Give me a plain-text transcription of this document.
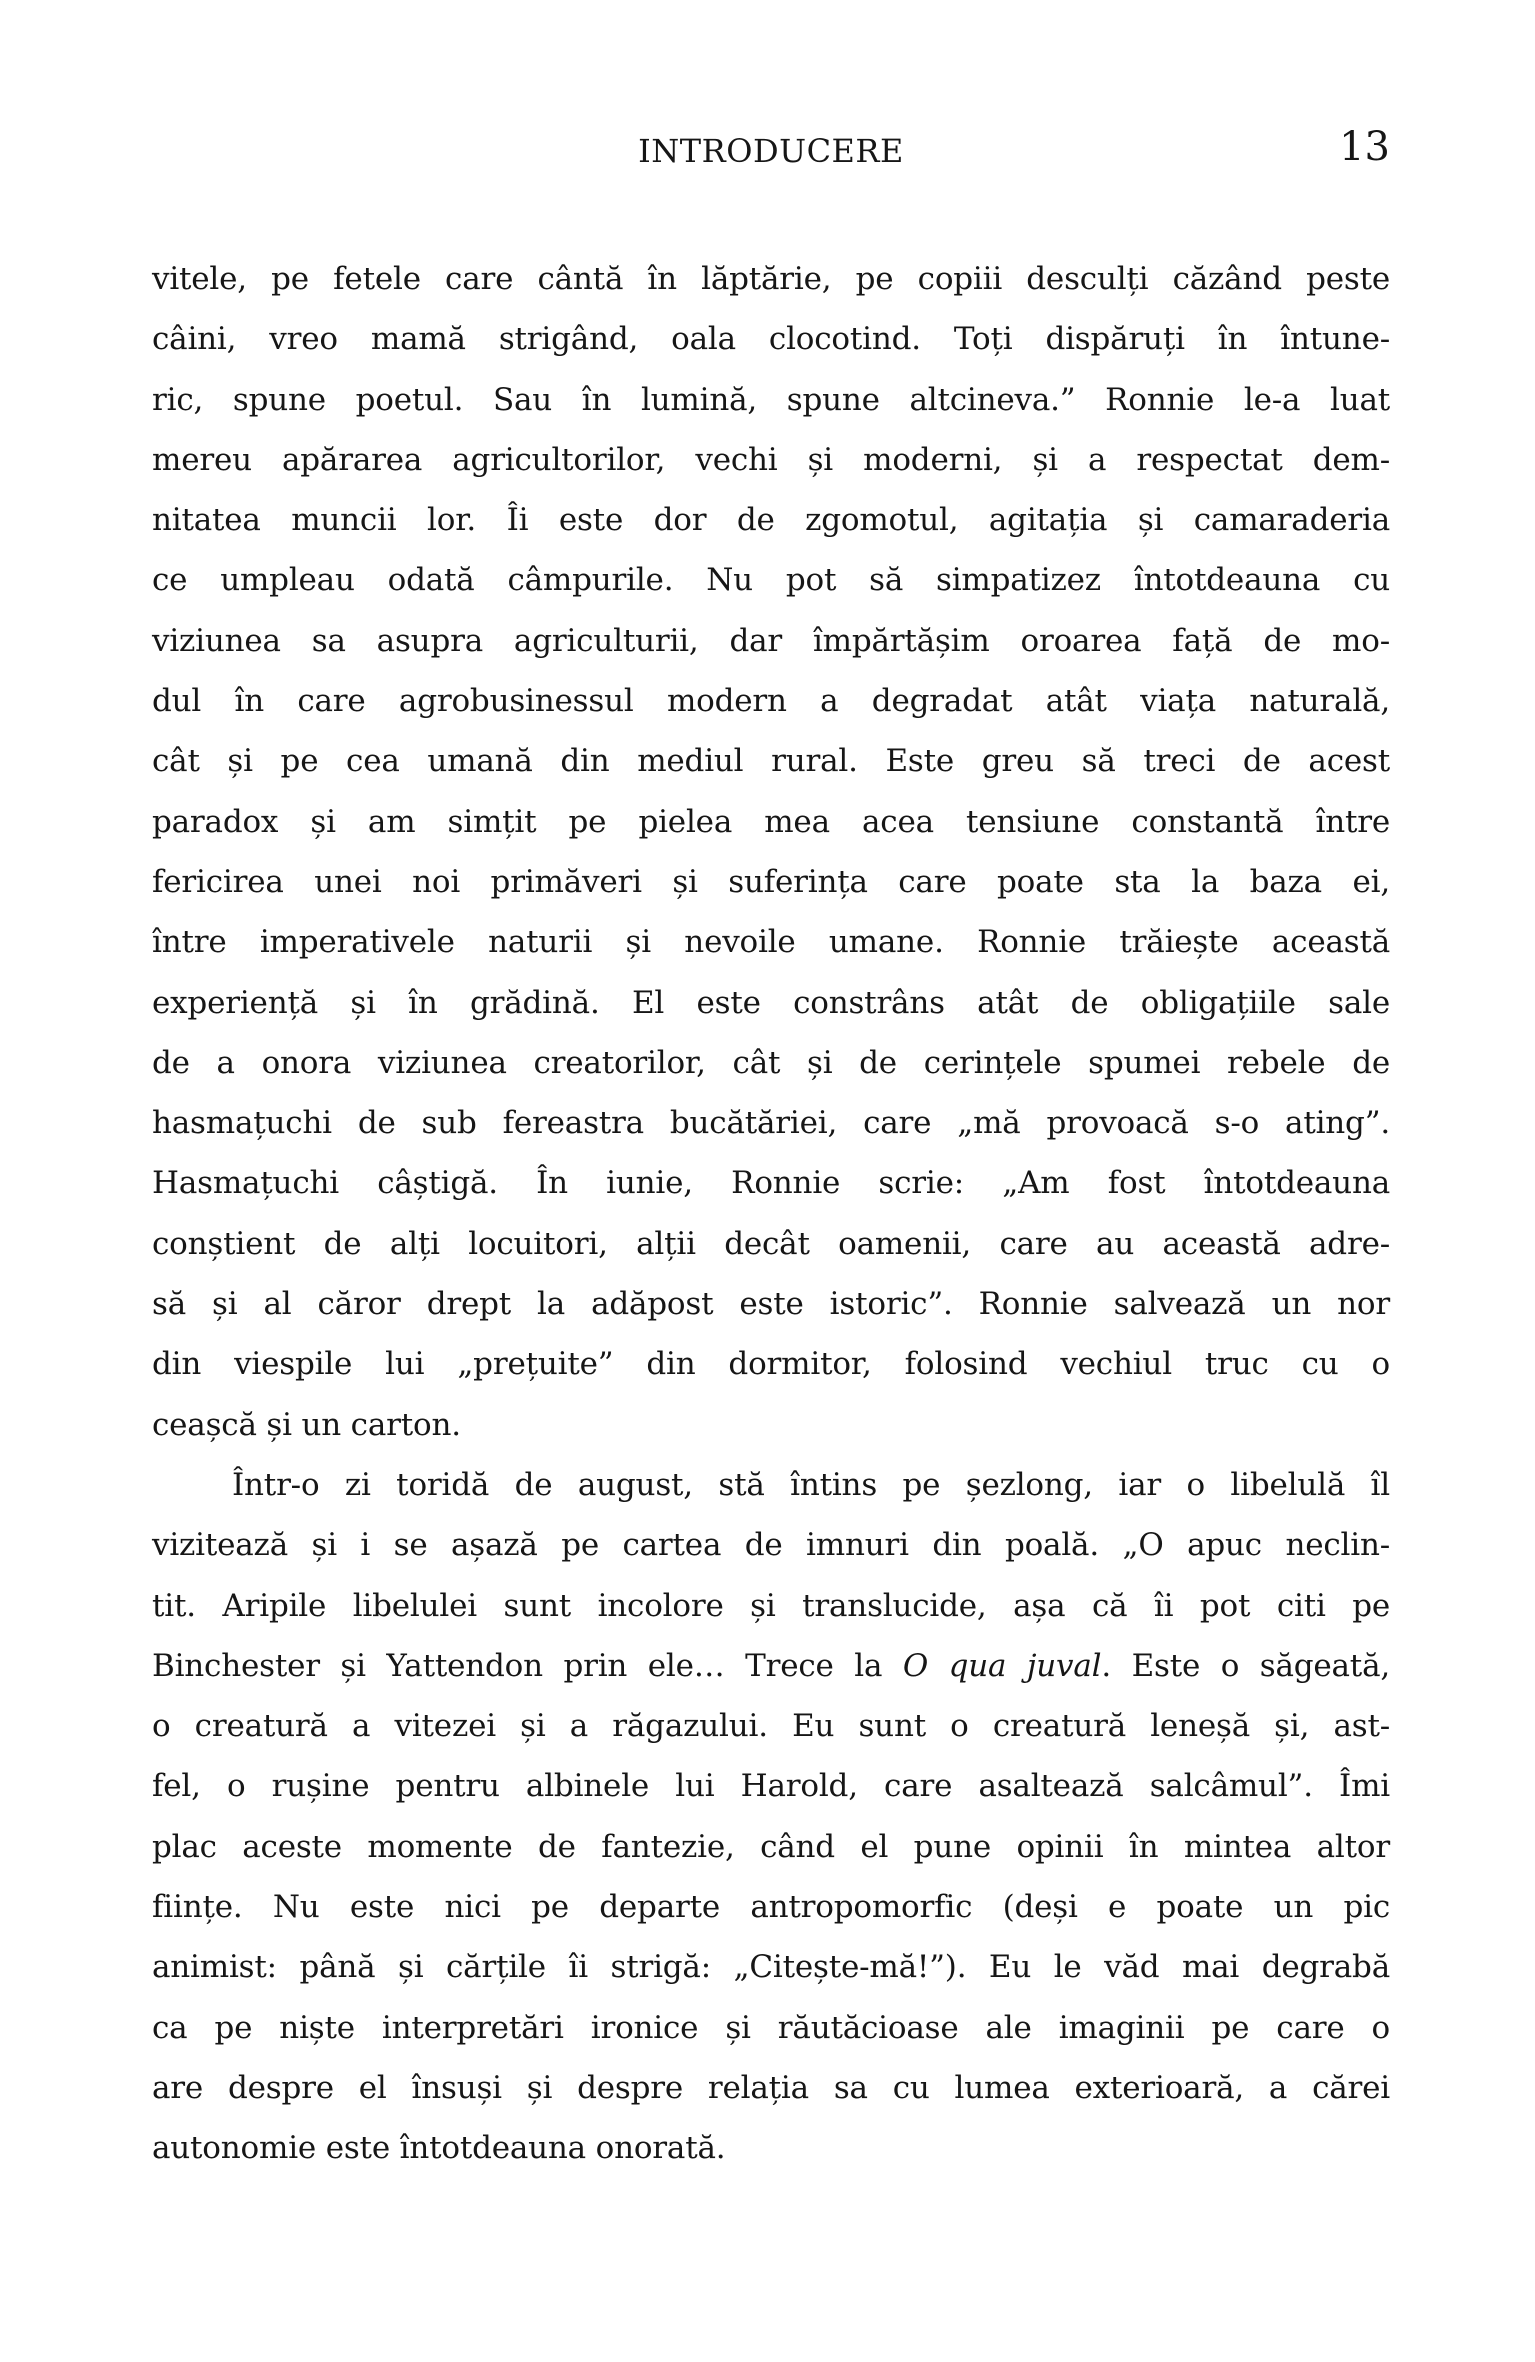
INTRODUCERE	13
vitele, pe fetele care cântă în lăptărie, pe copiii desculți căzând peste
câini, vreo mamă strigând, oala clocotind. Toți dispăruți în întune-
ric, spune poetul. Sau în lumină, spune altcineva.” Ronnie le-a luat
mereu apărarea agricultorilor, vechi și moderni, și a respectat dem-
nitatea muncii lor. Îi este dor de zgomotul, agitația și camaraderia
ce umpleau odată câmpurile. Nu pot să simpatizez întotdeauna cu
viziunea sa asupra agriculturii, dar împărtășim oroarea față de mo-
dul în care agrobusinessul modern a degradat atât viața naturală,
cât și pe cea umană din mediul rural. Este greu să treci de acest
paradox și am simțit pe pielea mea acea tensiune constantă între
fericirea unei noi primăveri și suferința care poate sta la baza ei,
între imperativele naturii și nevoile umane. Ronnie trăiește această
experiență și în grădină. El este constrâns atât de obligațiile sale
de a onora viziunea creatorilor, cât și de cerințele spumei rebele de
hasmațuchi de sub fereastra bucătăriei, care „mă provoacă s-o ating”.
Hasmațuchi câștigă. În iunie, Ronnie scrie: „Am fost întotdeauna
conștient de alți locuitori, alții decât oamenii, care au această adre-
să și al căror drept la adăpost este istoric”. Ronnie salvează un nor
din viespile lui „prețuite” din dormitor, folosind vechiul truc cu o
ceașcă și un carton.
Într-o zi toridă de august, stă întins pe șezlong, iar o libelulă îl
vizitează și i se așază pe cartea de imnuri din poală. „O apuc neclin-
tit. Aripile libelulei sunt incolore și translucide, așa că îi pot citi pe
Binchester și Yattendon prin ele… Trece la O qua juval. Este o săgeată,
o creatură a vitezei și a răgazului. Eu sunt o creatură leneșă și, ast-
fel, o rușine pentru albinele lui Harold, care asaltează salcâmul”. Îmi
plac aceste momente de fantezie, când el pune opinii în mintea altor
ființe. Nu este nici pe departe antropomorfic (deși e poate un pic
animist: până și cărțile îi strigă: „Citește-mă!”). Eu le văd mai degrabă
ca pe niște interpretări ironice și răutăcioase ale imaginii pe care o
are despre el însuși și despre relația sa cu lumea exterioară, a cărei
autonomie este întotdeauna onorată.
